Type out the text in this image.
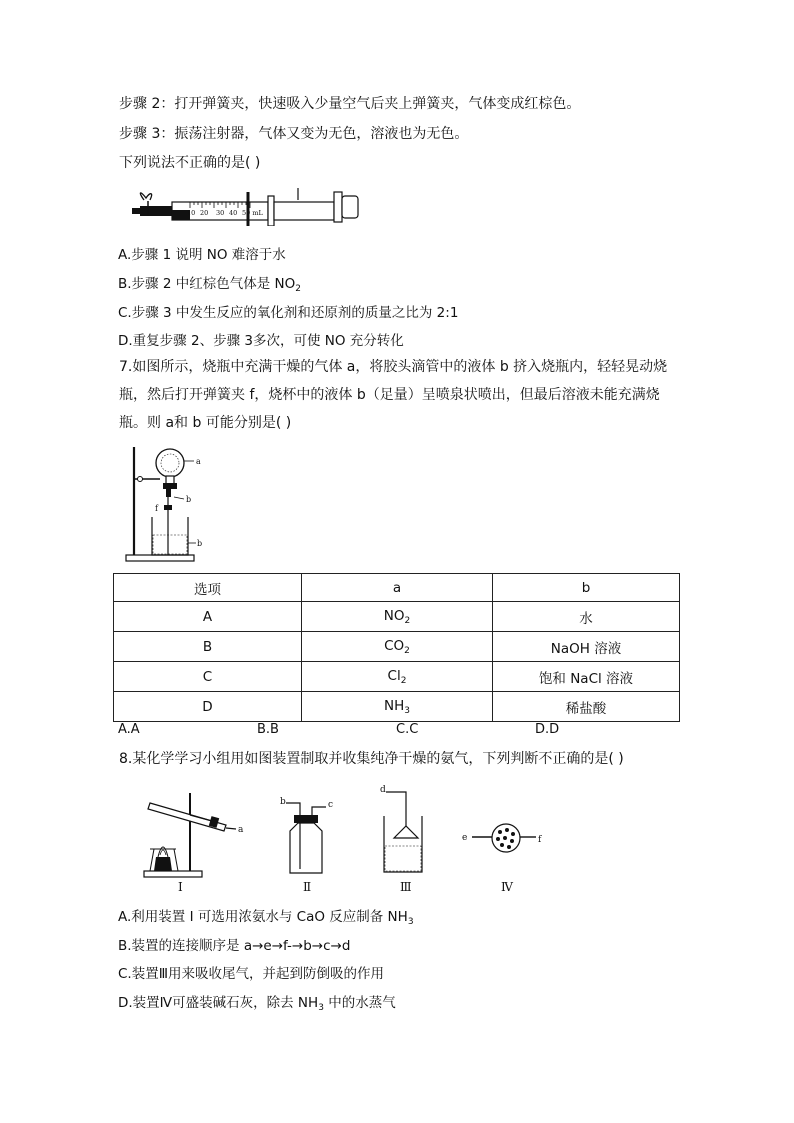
步骤 2：打开弹簧夹，快速吸入少量空气后夹上弹簧夹，气体变成红棕色。
步骤 3：振荡注射器，气体又变为无色，溶液也为无色。
下列说法不正确的是( )
10 20 30 40 50 mL
A.步骤 1 说明 NO 难溶于水
B.步骤 2 中红棕色气体是 $NO_2$
C.步骤 3 中发生反应的氧化剂和还原剂的质量之比为 2:1
D.重复步骤 2、步骤 3多次，可使 NO 充分转化
7.如图所示，烧瓶中充满干燥的气体 a，将胶头滴管中的液体 b 挤入烧瓶内，轻轻晃动烧
瓶，然后打开弹簧夹 f，烧杯中的液体 b（足量）呈喷泉状喷出，但最后溶液未能充满烧
瓶。则 a和 b 可能分别是( )
a
b
f
b
选项	a	b
A	$NO_2$	水
B	$CO_2$	NaOH 溶液
C	$Cl_2$	饱和 NaCl 溶液
D	$NH_3$	稀盐酸
A.A	B.B	C.C	D.D
8.某化学学习小组用如图装置制取并收集纯净干燥的氨气，下列判断不正确的是( )
a
b	c
d
e	f
I	Ⅱ	Ⅲ	Ⅳ
A.利用装置 I 可选用浓氨水与 CaO 反应制备 $NH_3$
B.装置的连接顺序是 a→e→f-→b→c→d
C.装置Ⅲ用来吸收尾气，并起到防倒吸的作用
D.装置Ⅳ可盛装碱石灰，除去 $NH_3$ 中的水蒸气
